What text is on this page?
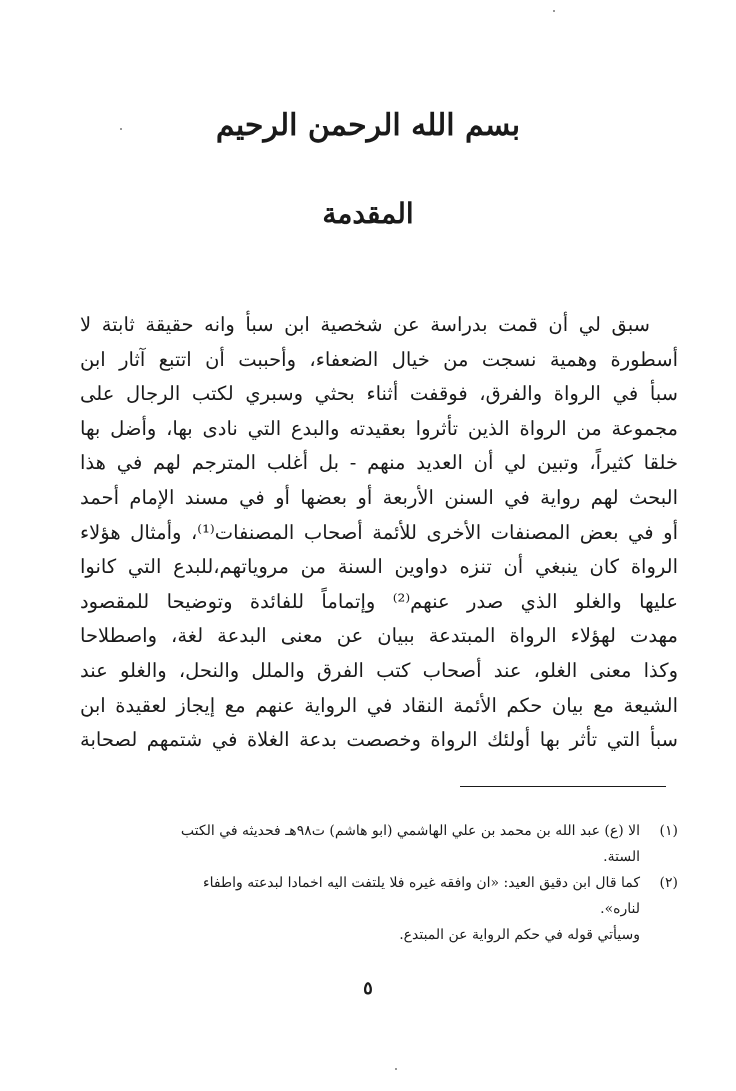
بسم الله الرحمن الرحيم
المقدمة
سبق لي أن قمت بدراسة عن شخصية ابن سبأ وانه حقيقة ثابتة لا
أسطورة وهمية نسجت من خيال الضعفاء، وأحببت أن اتتبع آثار ابن
سبأ في الرواة والفرق، فوقفت أثناء بحثي وسبري لكتب الرجال على
مجموعة من الرواة الذين تأثروا بعقيدته والبدع التي نادى بها، وأضل بها
خلقا كثيراً، وتبين لي أن العديد منهم - بل أغلب المترجم لهم في هذا
البحث لهم رواية في السنن الأربعة أو بعضها أو في مسند الإمام أحمد
أو في بعض المصنفات الأخرى للأئمة أصحاب المصنفات⁽¹⁾، وأمثال هؤلاء
الرواة كان ينبغي أن تنزه دواوين السنة من مروياتهم،للبدع التي كانوا
عليها والغلو الذي صدر عنهم⁽²⁾ وإتماماً للفائدة وتوضيحا للمقصود
مهدت لهؤلاء الرواة المبتدعة ببيان عن معنى البدعة لغة، واصطلاحا
وكذا معنى الغلو، عند أصحاب كتب الفرق والملل والنحل، والغلو عند
الشيعة مع بيان حكم الأئمة النقاد في الرواية عنهم مع إيجاز لعقيدة ابن
سبأ التي تأثر بها أولئك الرواة وخصصت بدعة الغلاة في شتمهم لصحابة
(١)
الا (ع) عبد الله بن محمد بن علي الهاشمي (ابو هاشم) ت٩٨هـ فحديثه في الكتب
الستة.
(٢)
كما قال ابن دقيق العيد: «ان وافقه غيره فلا يلتفت اليه اخمادا لبدعته واطفاء
لناره».
وسيأتي قوله في حكم الرواية عن المبتدع.
٥
